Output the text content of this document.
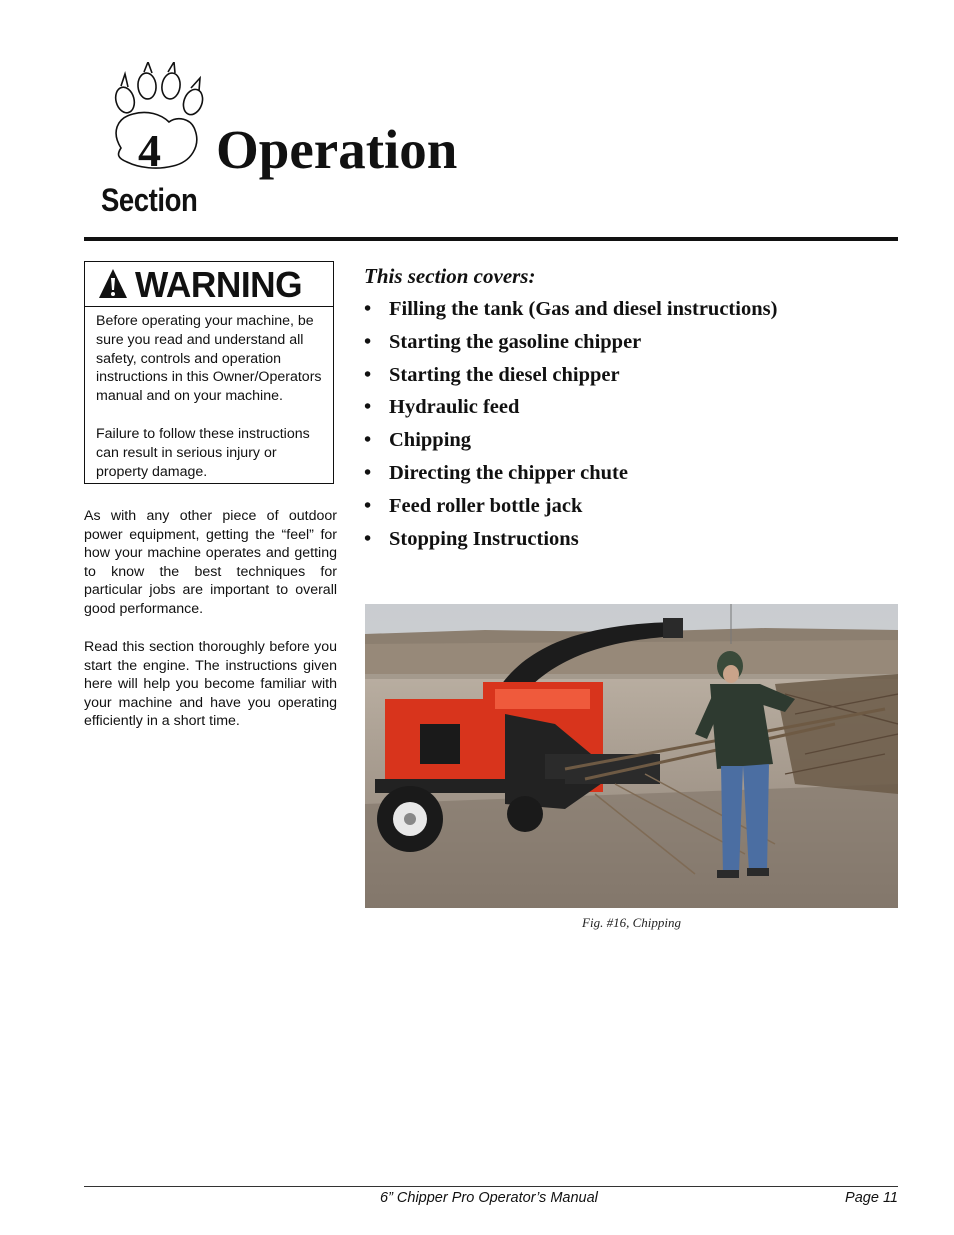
4
Section
Operation
WARNING

Before operating your machine, be sure you read and understand all safety, controls and operation instructions in this Owner/Operators manual and on your machine.

Failure to follow these instructions can result in serious injury or property damage.

As with any other piece of outdoor power equipment, getting the “feel” for how your machine operates and getting to know the best techniques for particular jobs are important to overall good performance.

Read this section thoroughly before you start the engine. The instructions given here will help you become familiar with your machine and have you operating efficiently in a short time.

This section covers:
• Filling the tank (Gas and diesel instructions)
• Starting the gasoline chipper
• Starting the diesel chipper
• Hydraulic feed
• Chipping
• Directing the chipper chute
• Feed roller bottle jack
• Stopping Instructions
Fig. #16, Chipping
6” Chipper Pro Operator’s Manual	Page 11
